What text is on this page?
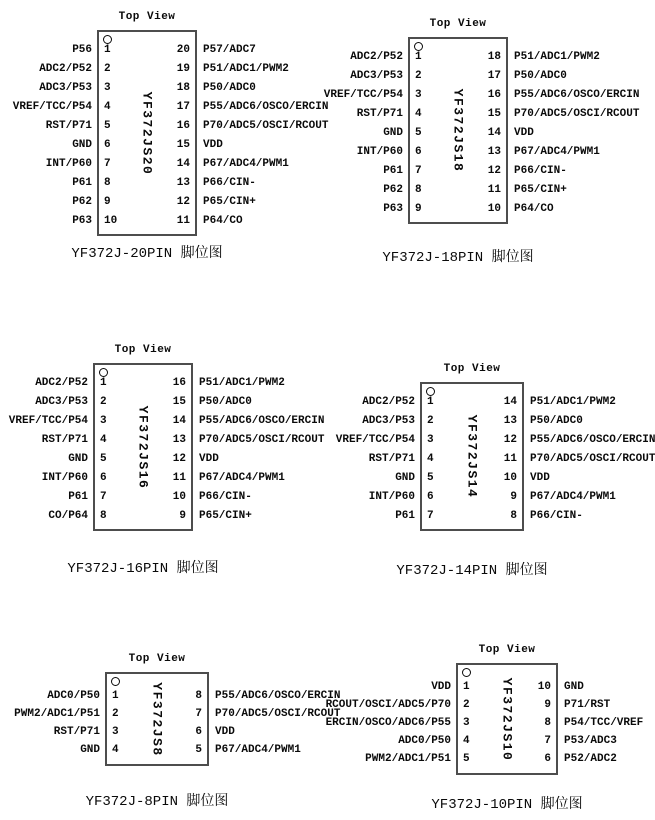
Top View
P56
ADC2/P52
ADC3/P53
VREF/TCC/P54
RST/P71
GND
INT/P60
P61
P62
P63
1
2
3
4
5
6
7
8
9
10
YF372JS20
20
19
18
17
16
15
14
13
12
11
P57/ADC7
P51/ADC1/PWM2
P50/ADC0
P55/ADC6/OSCO/ERCIN
P70/ADC5/OSCI/RCOUT
VDD
P67/ADC4/PWM1
P66/CIN-
P65/CIN+
P64/CO
YF372J-20PIN 脚位图
Top View
ADC2/P52
ADC3/P53
VREF/TCC/P54
RST/P71
GND
INT/P60
P61
P62
P63
1
2
3
4
5
6
7
8
9
YF372JS18
18
17
16
15
14
13
12
11
10
P51/ADC1/PWM2
P50/ADC0
P55/ADC6/OSCO/ERCIN
P70/ADC5/OSCI/RCOUT
VDD
P67/ADC4/PWM1
P66/CIN-
P65/CIN+
P64/CO
YF372J-18PIN 脚位图
Top View
ADC2/P52
ADC3/P53
VREF/TCC/P54
RST/P71
GND
INT/P60
P61
CO/P64
1
2
3
4
5
6
7
8
YF372JS16
16
15
14
13
12
11
10
9
P51/ADC1/PWM2
P50/ADC0
P55/ADC6/OSCO/ERCIN
P70/ADC5/OSCI/RCOUT
VDD
P67/ADC4/PWM1
P66/CIN-
P65/CIN+
YF372J-16PIN 脚位图
Top View
ADC2/P52
ADC3/P53
VREF/TCC/P54
RST/P71
GND
INT/P60
P61
1
2
3
4
5
6
7
YF372JS14
14
13
12
11
10
9
8
P51/ADC1/PWM2
P50/ADC0
P55/ADC6/OSCO/ERCIN
P70/ADC5/OSCI/RCOUT
VDD
P67/ADC4/PWM1
P66/CIN-
YF372J-14PIN 脚位图
Top View
ADC0/P50
PWM2/ADC1/P51
RST/P71
GND
1
2
3
4 YF372JS8	8
7
6
5
P55/ADC6/OSCO/ERCIN
P70/ADC5/OSCI/RCOUT
VDD
P67/ADC4/PWM1
YF372J-8PIN 脚位图
Top View
VDD
RCOUT/OSCI/ADC5/P70
ERCIN/OSCO/ADC6/P55
ADC0/P50
PWM2/ADC1/P51
1
2
3
4
5 YF372JS10 10
9
8
7
6
GND
P71/RST
P54/TCC/VREF
P53/ADC3
P52/ADC2
YF372J-10PIN 脚位图
